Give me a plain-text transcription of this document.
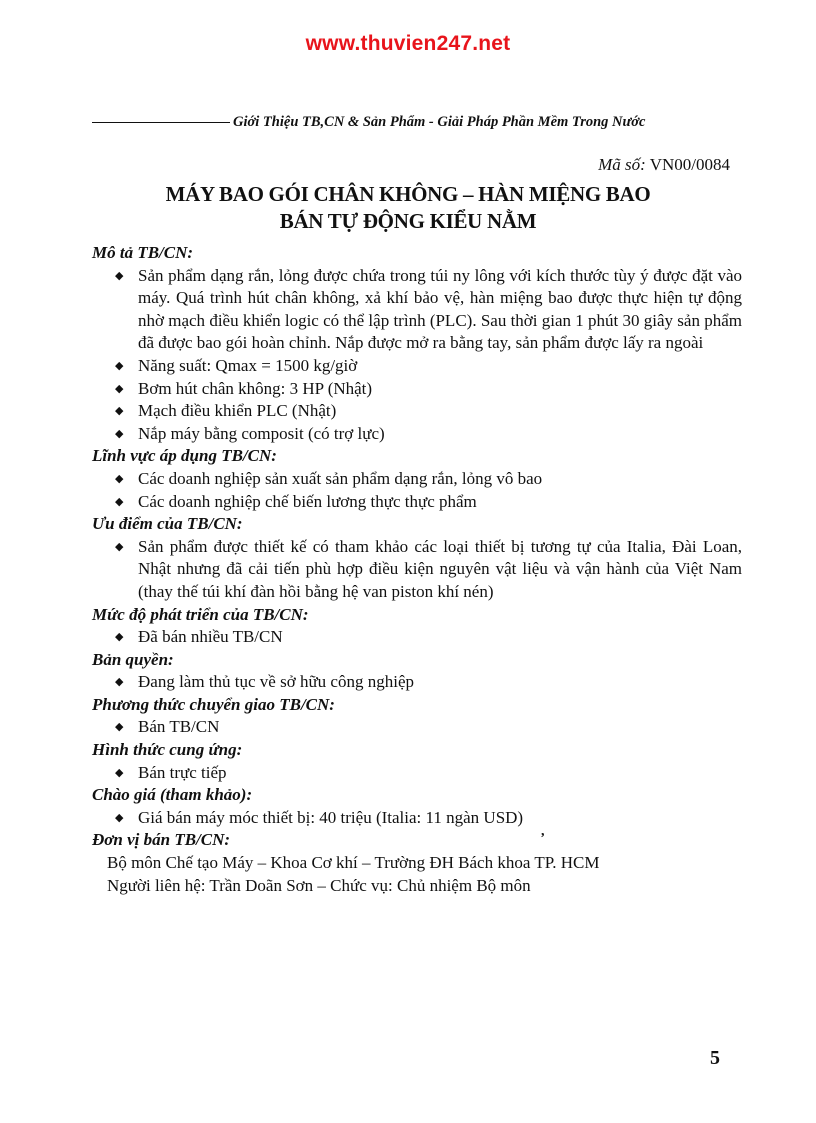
www.thuvien247.net
Giới Thiệu TB,CN & Sản Phẩm - Giải Pháp Phần Mềm Trong Nước
Mã số: VN00/0084
MÁY BAO GÓI CHÂN KHÔNG – HÀN MIỆNG BAO
BÁN TỰ ĐỘNG KIỂU NẰM

Mô tả TB/CN:

◆ Sản phẩm dạng rắn, lỏng được chứa trong túi ny lông với kích thước tùy ý được đặt vào máy. Quá trình hút chân không, xả khí bảo vệ, hàn miệng bao được thực hiện tự động nhờ mạch điều khiển logic có thể lập trình (PLC). Sau thời gian 1 phút 30 giây sản phẩm đã được bao gói hoàn chỉnh. Nắp được mở ra bằng tay, sản phẩm được lấy ra ngoài
◆ Năng suất: Qmax = 1500 kg/giờ
◆ Bơm hút chân không: 3 HP (Nhật)
◆ Mạch điều khiển PLC (Nhật)
◆ Nắp máy bằng composit (có trợ lực)

Lĩnh vực áp dụng TB/CN:

◆ Các doanh nghiệp sản xuất sản phẩm dạng rắn, lỏng vô bao
◆ Các doanh nghiệp chế biến lương thực thực phẩm

Ưu điểm của TB/CN:

◆ Sản phẩm được thiết kế có tham khảo các loại thiết bị tương tự của Italia, Đài Loan, Nhật nhưng đã cải tiến phù hợp điều kiện nguyên vật liệu và vận hành của Việt Nam (thay thế túi khí đàn hồi bằng hệ van piston khí nén)

Mức độ phát triển của TB/CN:

◆ Đã bán nhiều TB/CN

Bản quyền:

◆ Đang làm thủ tục về sở hữu công nghiệp

Phương thức chuyển giao TB/CN:

◆ Bán TB/CN

Hình thức cung ứng:

◆ Bán trực tiếp

Chào giá (tham khảo):

◆ Giá bán máy móc thiết bị: 40 triệu (Italia: 11 ngàn USD)

Đơn vị bán TB/CN:

Bộ môn Chế tạo Máy – Khoa Cơ khí – Trường ĐH Bách khoa TP. HCM

Người liên hệ: Trần Doãn Sơn – Chức vụ: Chủ nhiệm Bộ môn

,
5
